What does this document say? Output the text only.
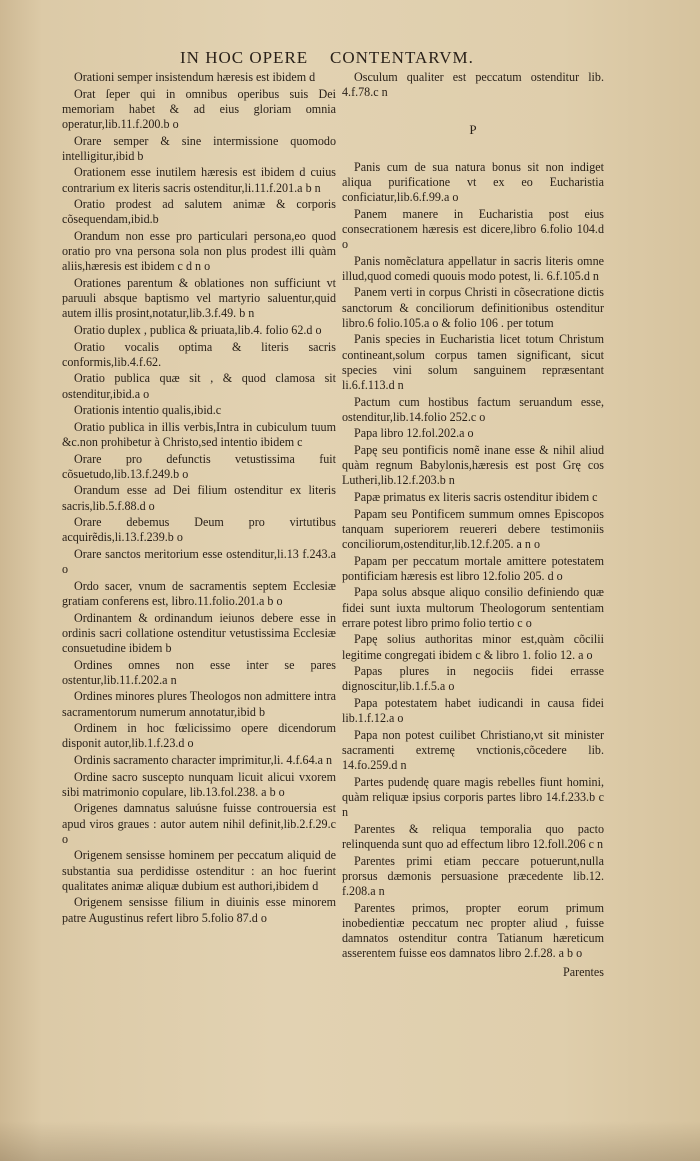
IN HOC OPERE CONTENTARVM.
Orationi semper insistendum hæresis est ibidem d
Orat ſeper qui in omnibus operibus suis Dei memoriam habet & ad eius gloriam omnia operatur,lib.11.f.200.b o
Orare semper & sine intermissione quomodo intelligitur,ibid b
Orationem esse inutilem hæresis est ibidem d cuius contrarium ex literis sacris ostenditur,li.11.f.201.a b n
Oratio prodest ad salutem animæ & corporis cõsequendam,ibid.b
Orandum non esse pro particulari persona,eo quod oratio pro vna persona sola non plus prodest illi quàm aliis,hæresis est ibidem c d n o
Orationes parentum & oblationes non sufficiunt vt paruuli absque baptismo vel martyrio saluentur,quid autem illis prosint,notatur,lib.3.f.49. b n
Oratio duplex , publica & priuata,lib.4. folio 62.d o
Oratio vocalis optima & literis sacris conformis,lib.4.f.62.
Oratio publica quæ sit , & quod clamosa sit ostenditur,ibid.a o
Orationis intentio qualis,ibid.c
Oratio publica in illis verbis,Intra in cubiculum tuum &c.non prohibetur à Christo,sed intentio ibidem c
Orare pro defunctis vetustissima fuit cõsuetudo,lib.13.f.249.b o
Orandum esse ad Dei filium ostenditur ex literis sacris,lib.5.f.88.d o
Orare debemus Deum pro virtutibus acquirẽdis,li.13.f.239.b o
Orare sanctos meritorium esse ostenditur,li.13 f.243.a o
Ordo sacer, vnum de sacramentis septem Ecclesiæ gratiam conferens est, libro.11.folio.201.a b o
Ordinantem & ordinandum ieiunos debere esse in ordinis sacri collatione ostenditur vetustissima Ecclesiæ consuetudine ibidem b
Ordines omnes non esse inter se pares ostentur,lib.11.f.202.a n
Ordines minores plures Theologos non admittere intra sacramentorum numerum annotatur,ibid b
Ordinem in hoc fœlicissimo opere dicendorum disponit autor,lib.1.f.23.d o
Ordinis sacramento character imprimitur,li. 4.f.64.a n
Ordine sacro suscepto nunquam licuit alicui vxorem sibi matrimonio copulare, lib.13.fol.238. a b o
Origenes damnatus saluúsne fuisse controuersia est apud viros graues : autor autem nihil definit,lib.2.f.29.c o
Origenem sensisse hominem per peccatum aliquid de substantia sua perdidisse ostenditur : an hoc fuerint qualitates animæ aliquæ dubium est authori,ibidem d
Origenem sensisse filium in diuinis esse minorem patre Augustinus refert libro 5.folio 87.d o
Osculum qualiter est peccatum ostenditur lib. 4.f.78.c n
P
Panis cum de sua natura bonus sit non indiget aliqua purificatione vt ex eo Eucharistia conficiatur,lib.6.f.99.a o
Panem manere in Eucharistia post eius consecrationem hæresis est dicere,libro 6.folio 104.d o
Panis nomẽclatura appellatur in sacris literis omne illud,quod comedi quouis modo potest, li. 6.f.105.d n
Panem verti in corpus Christi in cõsecratione dictis sanctorum & conciliorum definitionibus ostenditur libro.6 folio.105.a o & folio 106 . per totum
Panis species in Eucharistia licet totum Christum contineant,solum corpus tamen significant, sicut species vini solum sanguinem repræsentant li.6.f.113.d n
Pactum cum hostibus factum seruandum esse, ostenditur,lib.14.folio 252.c o
Papa libro 12.fol.202.a o
Papę seu pontificis nomẽ inane esse & nihil aliud quàm regnum Babylonis,hæresis est post Grę cos Lutheri,lib.12.f.203.b n
Papæ primatus ex literis sacris ostenditur ibidem c
Papam seu Pontificem summum omnes Episcopos tanquam superiorem reuereri debere testimoniis conciliorum,ostenditur,lib.12.f.205. a n o
Papam per peccatum mortale amittere potestatem pontificiam hæresis est libro 12.folio 205. d o
Papa solus absque aliquo consilio definiendo quæ fidei sunt iuxta multorum Theologorum sententiam errare potest libro primo folio tertio c o
Papę solius authoritas minor est,quàm cõcilii legitime congregati ibidem c & libro 1. folio 12. a o
Papas plures in negociis fidei errasse dignoscitur,lib.1.f.5.a o
Papa potestatem habet iudicandi in causa fidei lib.1.f.12.a o
Papa non potest cuilibet Christiano,vt sit minister sacramenti extremę vnctionis,cõcedere lib. 14.fo.259.d n
Partes pudendę quare magis rebelles fiunt homini, quàm reliquæ ipsius corporis partes libro 14.f.233.b c n
Parentes & reliqua temporalia quo pacto relinquenda sunt quo ad effectum libro 12.foll.206 c n
Parentes primi etiam peccare potuerunt,nulla prorsus dæmonis persuasione præcedente lib.12. f.208.a n
Parentes primos, propter eorum primum inobedientiæ peccatum nec propter aliud , fuisse damnatos ostenditur contra Tatianum hæreticum asserentem fuisse eos damnatos libro 2.f.28. a b o
Parentes
